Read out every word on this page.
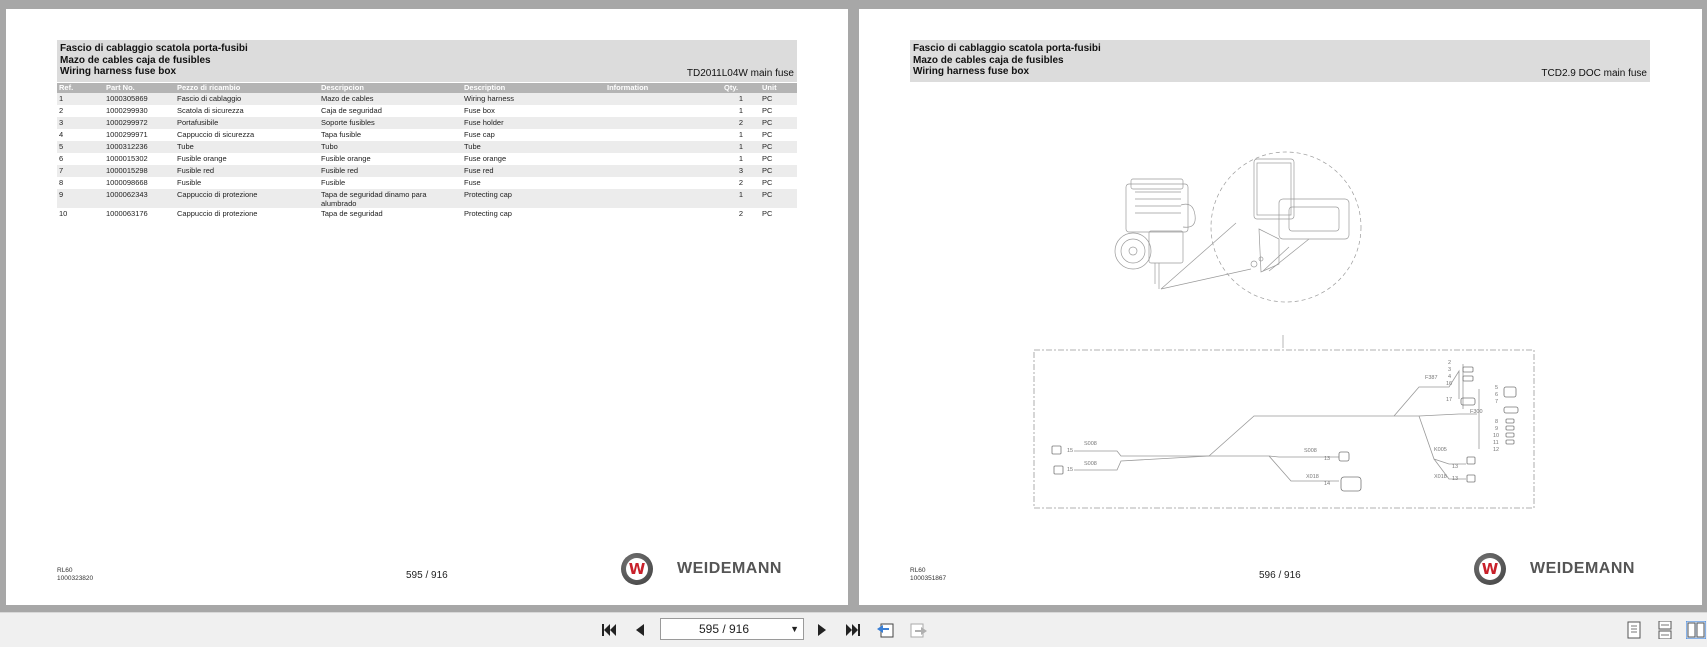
Fascio di cablaggio scatola porta-fusibi
Mazo de cables caja de fusibles
Wiring harness fuse box	TD2011L04W main fuse
Ref.	Part No.	Pezzo di ricambio	Descripcion	Description	Information	Qty.	Unit
1	1000305869	Fascio di cablaggio	Mazo de cables	Wiring harness		1	PC
2	1000299930	Scatola di sicurezza	Caja de seguridad	Fuse box		1	PC
3	1000299972	Portafusibile	Soporte fusibles	Fuse holder		2	PC
4	1000299971	Cappuccio di sicurezza	Tapa fusible	Fuse cap		1	PC
5	1000312236	Tube	Tubo	Tube		1	PC
6	1000015302	Fusible orange	Fusible orange	Fuse orange		1	PC
7	1000015298	Fusible red	Fusible red	Fuse red		3	PC
8	1000098668	Fusible	Fusible	Fuse		2	PC
9	1000062343	Cappuccio di protezione	Tapa de seguridad dinamo para alumbrado	Protecting cap		1	PC
10	1000063176	Cappuccio di protezione	Tapa de seguridad	Protecting cap		2	PC
RL60
1000323820	595 / 916	W WEIDEMANN
Fascio di cablaggio scatola porta-fusibi
Mazo de cables caja de fusibles
Wiring harness fuse box	TCD2.9 DOC main fuse
S008
S008
15
15
S008
13
X018
14
K005
13
X018 13
F387
F300
2
3
4
16
17
5
6
7
8
9
10
11
12
RL60
1000351867	596 / 916	W WEIDEMANN
595 / 916	▼
